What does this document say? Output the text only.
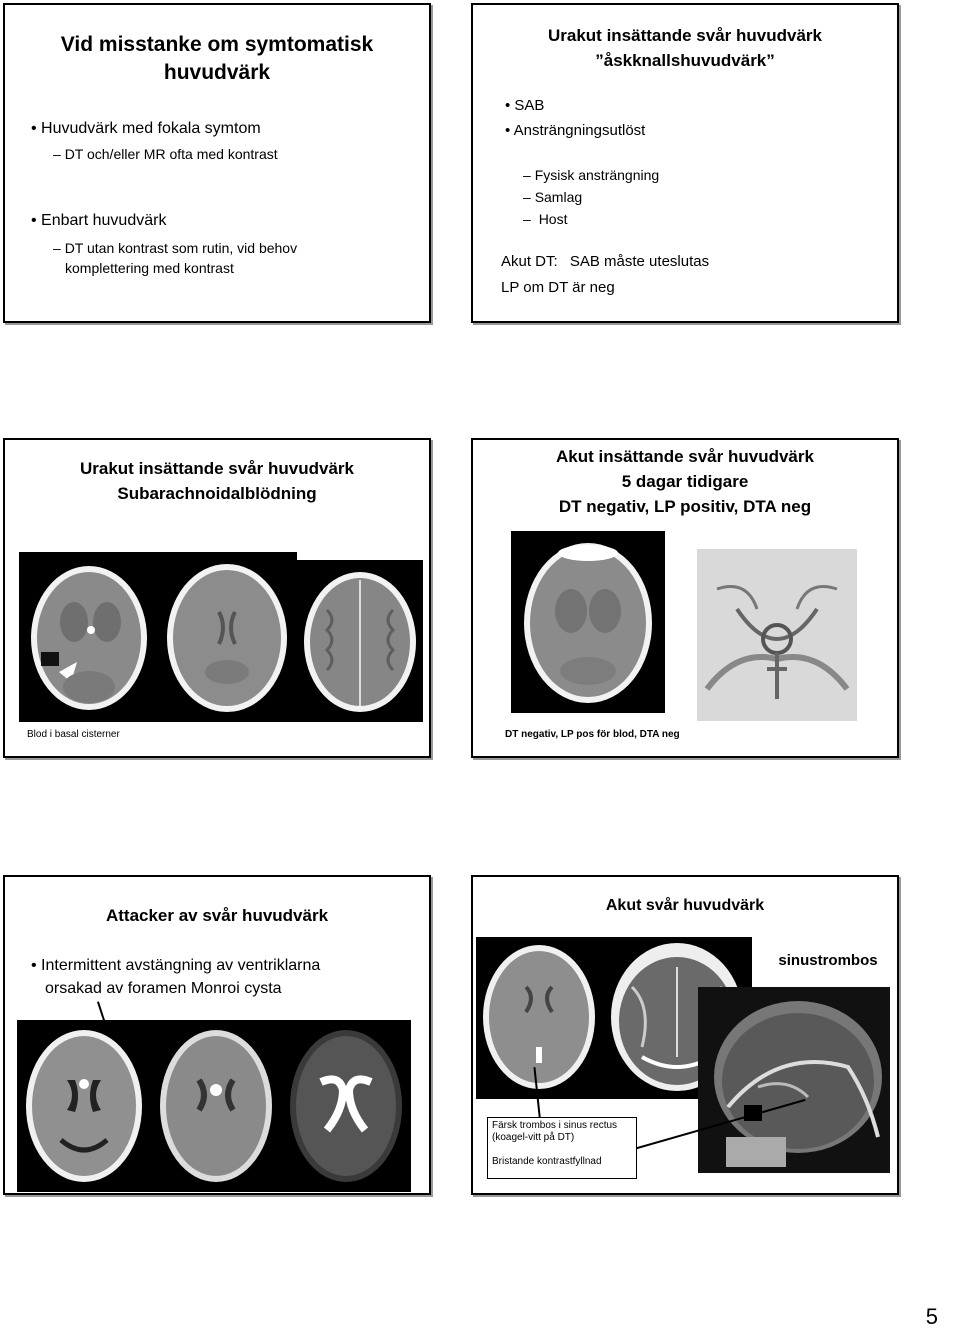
Vid misstanke om symtomatisk
huvudvärk
• Huvudvärk med fokala symtom
– DT och/eller MR ofta med kontrast
• Enbart huvudvärk
– DT utan kontrast som rutin, vid behov
komplettering med kontrast
Urakut insättande svår huvudvärk
”åskknallshuvudvärk”
• SAB
• Ansträngningsutlöst
– Fysisk ansträngning
– Samlag
– Host
Akut DT: SAB måste uteslutas
LP om DT är neg
Urakut insättande svår huvudvärk
Subarachnoidalblödning
Blod i basal cisterner
Akut insättande svår huvudvärk
5 dagar tidigare
DT negativ, LP positiv, DTA neg
DT negativ, LP pos för blod, DTA neg
Attacker av svår huvudvärk
• Intermittent avstängning av ventriklarna
orsakad av foramen Monroi cysta
Akut svår huvudvärk
sinustrombos
Färsk trombos i sinus rectus
(koagel-vitt på DT)
Bristande kontrastfyllnad
5
